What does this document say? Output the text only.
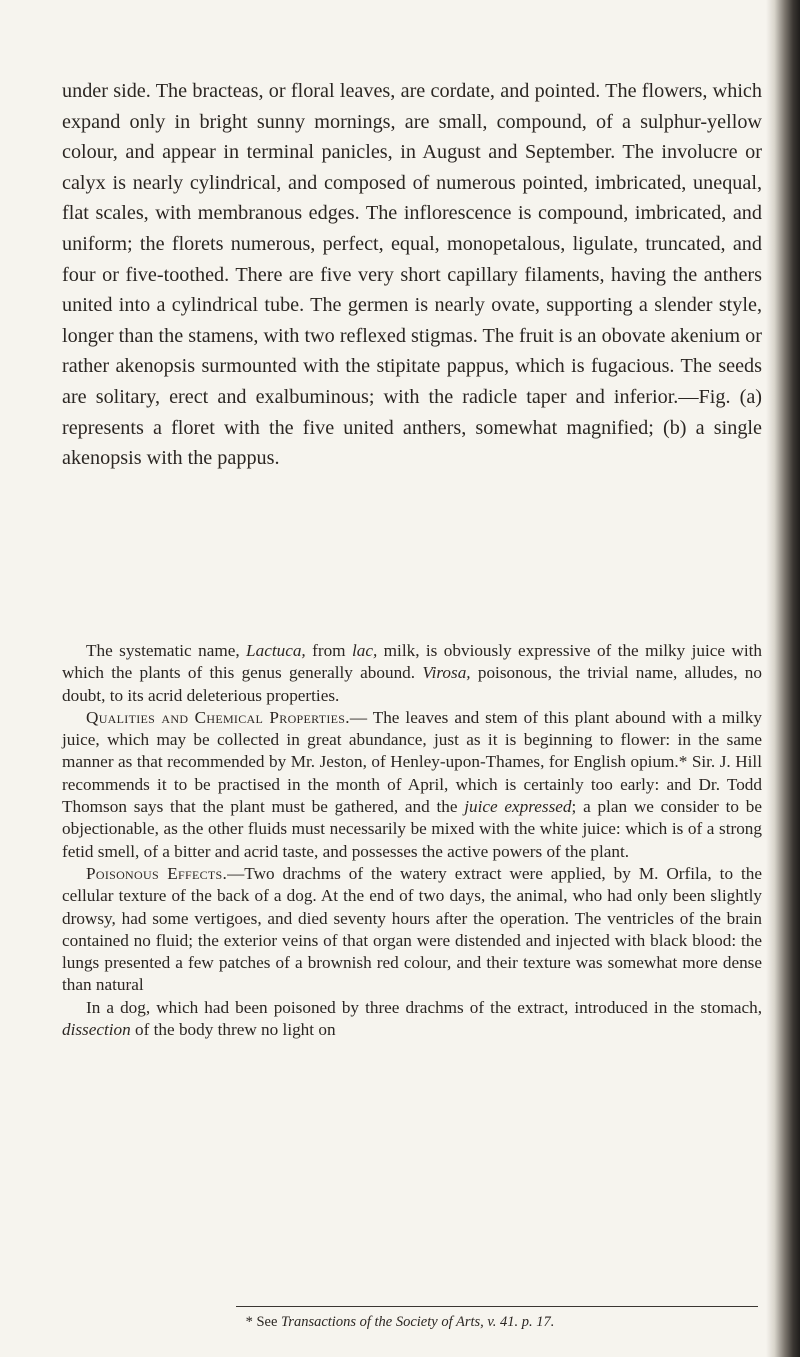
under side. The bracteas, or floral leaves, are cordate, and pointed. The flowers, which expand only in bright sunny mornings, are small, compound, of a sulphur-yellow colour, and appear in terminal panicles, in August and September. The involucre or calyx is nearly cylindrical, and composed of numerous pointed, imbricated, unequal, flat scales, with membranous edges. The inflorescence is compound, imbricated, and uniform; the florets numerous, perfect, equal, monopetalous, ligulate, truncated, and four or five-toothed. There are five very short capillary filaments, having the anthers united into a cylindrical tube. The germen is nearly ovate, supporting a slender style, longer than the stamens, with two reflexed stigmas. The fruit is an obovate akenium or rather akenopsis surmounted with the stipitate pappus, which is fugacious. The seeds are solitary, erect and exalbuminous; with the radicle taper and inferior.—Fig. (a) represents a floret with the five united anthers, somewhat magnified; (b) a single akenopsis with the pappus.

The systematic name, Lactuca, from lac, milk, is obviously expressive of the milky juice with which the plants of this genus generally abound. Virosa, poisonous, the trivial name, alludes, no doubt, to its acrid deleterious properties.

Qualities and Chemical Properties.— The leaves and stem of this plant abound with a milky juice, which may be collected in great abundance, just as it is beginning to flower: in the same manner as that recommended by Mr. Jeston, of Henley-upon-Thames, for English opium.* Sir. J. Hill recommends it to be practised in the month of April, which is certainly too early: and Dr. Todd Thomson says that the plant must be gathered, and the juice expressed; a plan we consider to be objectionable, as the other fluids must necessarily be mixed with the white juice: which is of a strong fetid smell, of a bitter and acrid taste, and possesses the active powers of the plant.

Poisonous Effects.—Two drachms of the watery extract were applied, by M. Orfila, to the cellular texture of the back of a dog. At the end of two days, the animal, who had only been slightly drowsy, had some vertigoes, and died seventy hours after the operation. The ventricles of the brain contained no fluid; the exterior veins of that organ were distended and injected with black blood: the lungs presented a few patches of a brownish red colour, and their texture was somewhat more dense than natural

In a dog, which had been poisoned by three drachms of the extract, introduced in the stomach, dissection of the body threw no light on

* See Transactions of the Society of Arts, v. 41. p. 17.
